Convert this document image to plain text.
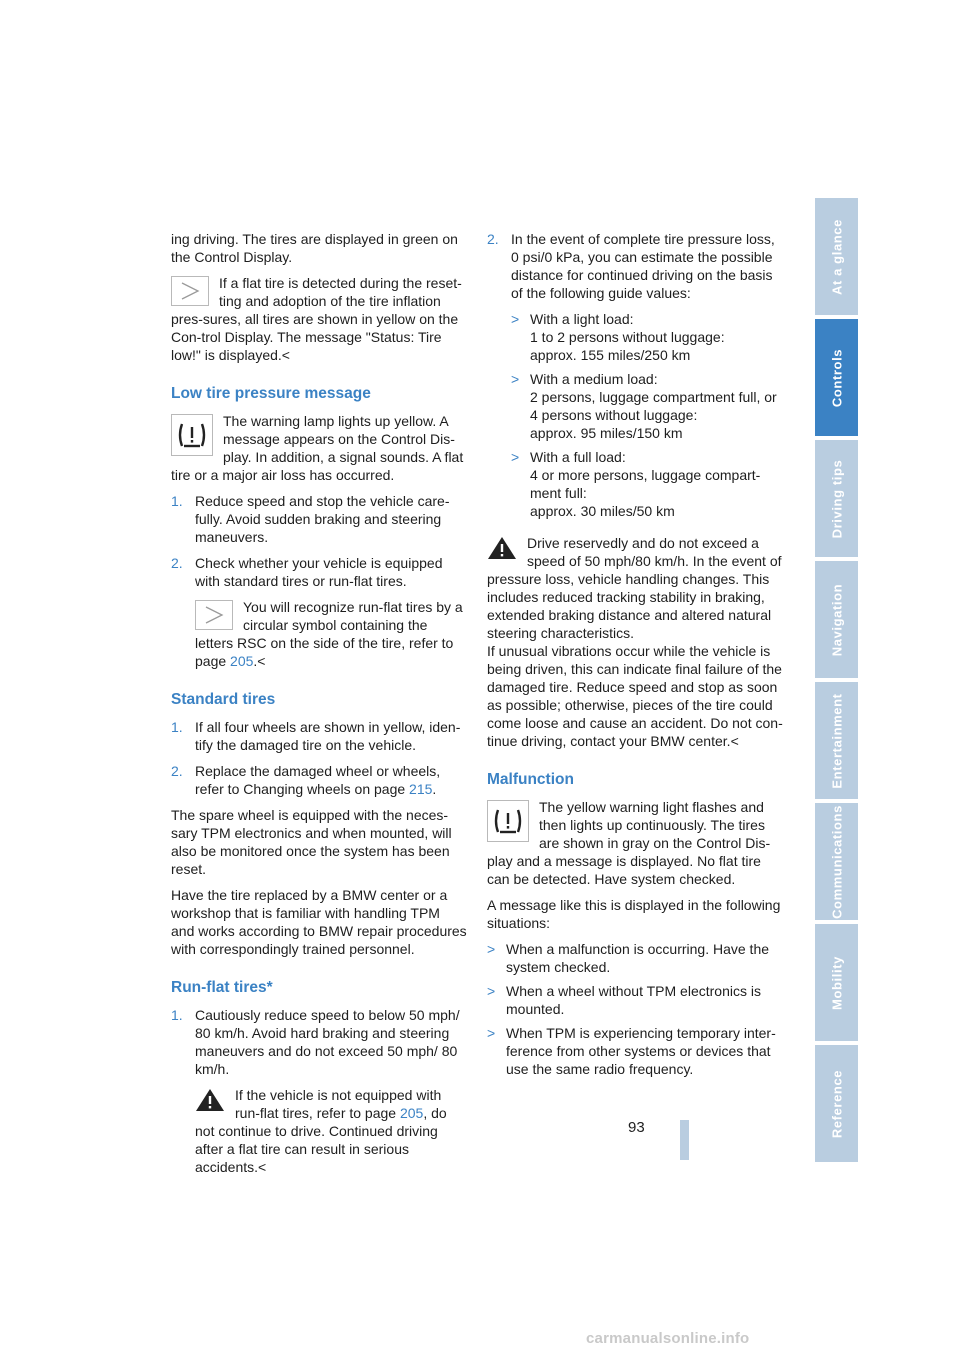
ing driving. The tires are displayed in green on the Control Display.

If a flat tire is detected during the reset-ting and adoption of the tire inflation pres-sures, all tires are shown in yellow on the Con-trol Display. The message "Status: Tire low!" is displayed.<
Low tire pressure message
The warning lamp lights up yellow. A message appears on the Control Dis-play. In addition, a signal sounds. A flat tire or a major air loss has occurred.
1. Reduce speed and stop the vehicle care-fully. Avoid sudden braking and steering maneuvers.
2. Check whether your vehicle is equipped with standard tires or run-flat tires.
You will recognize run-flat tires by a circular symbol containing the letters RSC on the side of the tire, refer to page 205.<
Standard tires
1. If all four wheels are shown in yellow, iden-tify the damaged tire on the vehicle.
2. Replace the damaged wheel or wheels, refer to Changing wheels on page 215.

The spare wheel is equipped with the neces-sary TPM electronics and when mounted, will also be monitored once the system has been reset.

Have the tire replaced by a BMW center or a workshop that is familiar with handling TPM and works according to BMW repair procedures with correspondingly trained personnel.

Run-flat tires*
1. Cautiously reduce speed to below 50 mph/ 80 km/h. Avoid hard braking and steering maneuvers and do not exceed 50 mph/ 80 km/h.
If the vehicle is not equipped with run-flat tires, refer to page 205, do not continue to drive. Continued driving after a flat tire can result in serious accidents.<
2. In the event of complete tire pressure loss, 0 psi/0 kPa, you can estimate the possible distance for continued driving on the basis of the following guide values:
> With a light load:
1 to 2 persons without luggage:
approx. 155 miles/250 km
> With a medium load:
2 persons, luggage compartment full, or 4 persons without luggage:
approx. 95 miles/150 km
> With a full load:
4 or more persons, luggage compart-ment full:
approx. 30 miles/50 km
Drive reservedly and do not exceed a speed of 50 mph/80 km/h. In the event of pressure loss, vehicle handling changes. This includes reduced tracking stability in braking, extended braking distance and altered natural steering characteristics.
If unusual vibrations occur while the vehicle is being driven, this can indicate final failure of the damaged tire. Reduce speed and stop as soon as possible; otherwise, pieces of the tire could come loose and cause an accident. Do not con-tinue driving, contact your BMW center.<
Malfunction
The yellow warning light flashes and then lights up continuously. The tires are shown in gray on the Control Dis-play and a message is displayed. No flat tire can be detected. Have system checked.

A message like this is displayed in the following situations:

> When a malfunction is occurring. Have the system checked.
> When a wheel without TPM electronics is mounted.
> When TPM is experiencing temporary inter-ference from other systems or devices that use the same radio frequency.
At a glance
Controls
Driving tips
Navigation
Entertainment
Communications
Mobility
Reference
93
carmanualsonline.info
